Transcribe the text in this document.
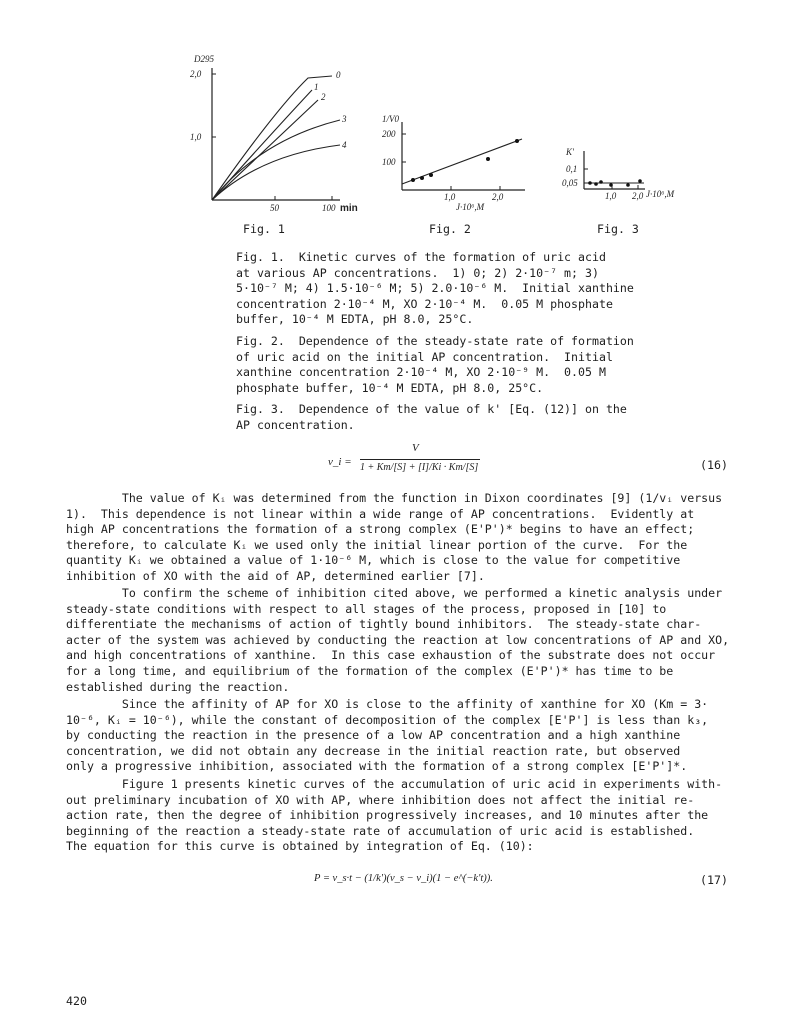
D295
2,0
1,0
50	100 min
0
1
2
3
4
1/V0
200
100
1,0	2,0
J·10⁶,M
K'
0,1
0,05
1,0 2,0 J·10⁶,M
Fig. 1	Fig. 2	Fig. 3
Fig. 1.  Kinetic curves of the formation of uric acid
at various AP concentrations.  1) 0; 2) 2·10⁻⁷ m; 3)
5·10⁻⁷ M; 4) 1.5·10⁻⁶ M; 5) 2.0·10⁻⁶ M.  Initial xanthine
concentration 2·10⁻⁴ M, XO 2·10⁻⁴ M.  0.05 M phosphate
buffer, 10⁻⁴ M EDTA, pH 8.0, 25°C.
Fig. 2.  Dependence of the steady-state rate of formation
of uric acid on the initial AP concentration.  Initial
xanthine concentration 2·10⁻⁴ M, XO 2·10⁻⁹ M.  0.05 M
phosphate buffer, 10⁻⁴ M EDTA, pH 8.0, 25°C.
Fig. 3.  Dependence of the value of k' [Eq. (12)] on the
AP concentration.
v_i =
V
1 + Km/[S] + [I]/Ki · Km/[S]	(16)
The value of Kᵢ was determined from the function in Dixon coordinates [9] (1/vᵢ versus
1).  This dependence is not linear within a wide range of AP concentrations.  Evidently at
high AP concentrations the formation of a strong complex (E'P')* begins to have an effect;
therefore, to calculate Kᵢ we used only the initial linear portion of the curve.  For the
quantity Kᵢ we obtained a value of 1·10⁻⁶ M, which is close to the value for competitive
inhibition of XO with the aid of AP, determined earlier [7].
To confirm the scheme of inhibition cited above, we performed a kinetic analysis under
steady-state conditions with respect to all stages of the process, proposed in [10] to
differentiate the mechanisms of action of tightly bound inhibitors.  The steady-state char-
acter of the system was achieved by conducting the reaction at low concentrations of AP and XO,
and high concentrations of xanthine.  In this case exhaustion of the substrate does not occur
for a long time, and equilibrium of the formation of the complex (E'P')* has time to be
established during the reaction.
Since the affinity of AP for XO is close to the affinity of xanthine for XO (Km = 3·
10⁻⁶, Kᵢ = 10⁻⁶), while the constant of decomposition of the complex [E'P'] is less than k₃,
by conducting the reaction in the presence of a low AP concentration and a high xanthine
concentration, we did not obtain any decrease in the initial reaction rate, but observed
only a progressive inhibition, associated with the formation of a strong complex [E'P']*.
Figure 1 presents kinetic curves of the accumulation of uric acid in experiments with-
out preliminary incubation of XO with AP, where inhibition does not affect the initial re-
action rate, then the degree of inhibition progressively increases, and 10 minutes after the
beginning of the reaction a steady-state rate of accumulation of uric acid is established.
The equation for this curve is obtained by integration of Eq. (10):
P = v_s·t − (1/k')(v_s − v_i)(1 − e^(−k't)).	(17)
420
